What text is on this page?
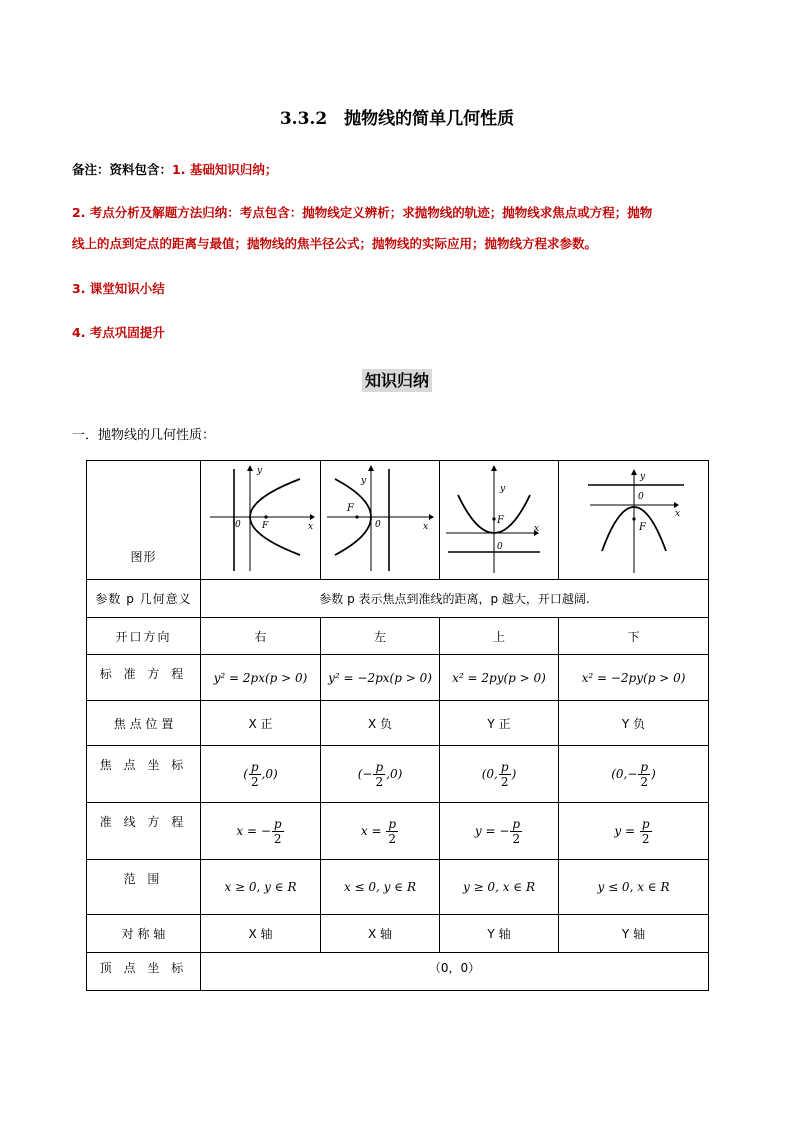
3.3.2　抛物线的简单几何性质
备注：资料包含：1. 基础知识归纳；
2. 考点分析及解题方法归纳：考点包含：抛物线定义辨析；求抛物线的轨迹；抛物线求焦点或方程；抛物
线上的点到定点的距离与最值；抛物线的焦半径公式；抛物线的实际应用；抛物线方程求参数。
3. 课堂知识小结
4. 考点巩固提升
知识归纳
一．抛物线的几何性质：
图形	y
x
0 F	y
x
0
F	y
x
0
F	y
x
0
F

参数 p 几何意义	参数 p 表示焦点到准线的距离，p 越大，开口越阔.			
开口方向	右	左	上	下
标 准 方 程	y² = 2px(p > 0)	y² = −2px(p > 0)	x² = 2py(p > 0)	x² = −2py(p > 0)
焦 点 位 置	X 正	X 负	Y 正	Y 负
焦 点 坐 标	( $\frac{p}{2} ,0$)	(− $\frac{p}{2} ,0$)	(0, $\frac{p}{2}$ )	($0,- \frac{p}{2}$ )
准 线 方 程	x = − $\frac{p}{2}$	$x = \frac{p}{2}$	y = − $\frac{p}{2}$	$y = \frac{p}{2}$

范 围	x ≥ 0, y ∈ R	x ≤ 0, y ∈ R	y ≥ 0, x ∈ R	y ≤ 0, x ∈ R
对 称 轴	X 轴	X 轴	Y 轴	Y 轴
顶 点 坐 标	（0，0）			
